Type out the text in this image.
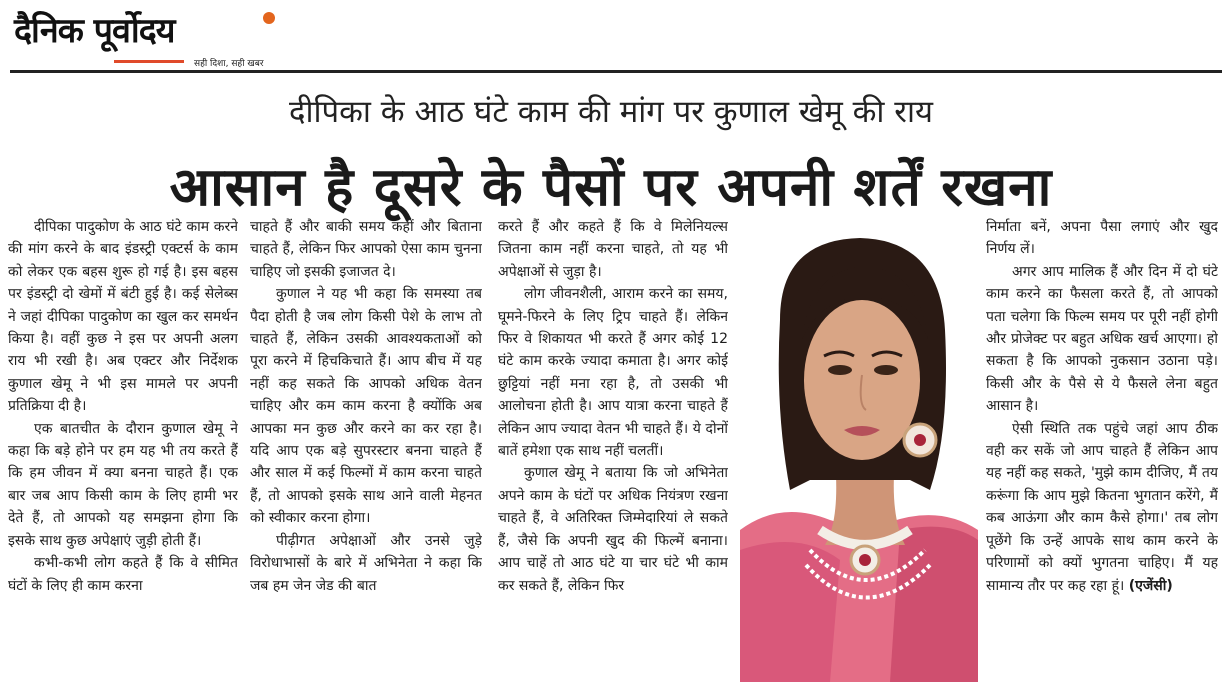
दैनिक पूर्वोदय
सही दिशा, सही खबर
दीपिका के आठ घंटे काम की मांग पर कुणाल खेमू की राय
आसान है दूसरे के पैसों पर अपनी शर्तें रखना

दीपिका पादुकोण के आठ घंटे काम करने की मांग करने के बाद इंडस्ट्री एक्टर्स के काम को लेकर एक बहस शुरू हो गई है। इस बहस पर इंडस्ट्री दो खेमों में बंटी हुई है। कई सेलेब्स ने जहां दीपिका पादुकोण का खुल कर समर्थन किया है। वहीं कुछ ने इस पर अपनी अलग राय भी रखी है। अब एक्टर और निर्देशक कुणाल खेमू ने भी इस मामले पर अपनी प्रतिक्रिया दी है।

एक बातचीत के दौरान कुणाल खेमू ने कहा कि बड़े होने पर हम यह भी तय करते हैं कि हम जीवन में क्या बनना चाहते हैं। एक बार जब आप किसी काम के लिए हामी भर देते हैं, तो आपको यह समझना होगा कि इसके साथ कुछ अपेक्षाएं जुड़ी होती हैं।

कभी-कभी लोग कहते हैं कि वे सीमित घंटों के लिए ही काम करना

चाहते हैं और बाकी समय कहीं और बिताना चाहते हैं, लेकिन फिर आपको ऐसा काम चुनना चाहिए जो इसकी इजाजत दे।

कुणाल ने यह भी कहा कि समस्या तब पैदा होती है जब लोग किसी पेशे के लाभ तो चाहते हैं, लेकिन उसकी आवश्यकताओं को पूरा करने में हिचकिचाते हैं। आप बीच में यह नहीं कह सकते कि आपको अधिक वेतन चाहिए और कम काम करना है क्योंकि अब आपका मन कुछ और करने का कर रहा है। यदि आप एक बड़े सुपरस्टार बनना चाहते हैं और साल में कई फिल्मों में काम करना चाहते हैं, तो आपको इसके साथ आने वाली मेहनत को स्वीकार करना होगा।

पीढ़ीगत अपेक्षाओं और उनसे जुड़े विरोधाभासों के बारे में अभिनेता ने कहा कि जब हम जेन जेड की बात

करते हैं और कहते हैं कि वे मिलेनियल्स जितना काम नहीं करना चाहते, तो यह भी अपेक्षाओं से जुड़ा है।

लोग जीवनशैली, आराम करने का समय, घूमने-फिरने के लिए ट्रिप चाहते हैं। लेकिन फिर वे शिकायत भी करते हैं अगर कोई 12 घंटे काम करके ज्यादा कमाता है। अगर कोई छुट्टियां नहीं मना रहा है, तो उसकी भी आलोचना होती है। आप यात्रा करना चाहते हैं लेकिन आप ज्यादा वेतन भी चाहते हैं। ये दोनों बातें हमेशा एक साथ नहीं चलतीं।

कुणाल खेमू ने बताया कि जो अभिनेता अपने काम के घंटों पर अधिक नियंत्रण रखना चाहते हैं, वे अतिरिक्त जिम्मेदारियां ले सकते हैं, जैसे कि अपनी खुद की फिल्में बनाना। आप चाहें तो आठ घंटे या चार घंटे भी काम कर सकते हैं, लेकिन फिर

निर्माता बनें, अपना पैसा लगाएं और खुद निर्णय लें।

अगर आप मालिक हैं और दिन में दो घंटे काम करने का फैसला करते हैं, तो आपको पता चलेगा कि फिल्म समय पर पूरी नहीं होगी और प्रोजेक्ट पर बहुत अधिक खर्च आएगा। हो सकता है कि आपको नुकसान उठाना पड़े। किसी और के पैसे से ये फैसले लेना बहुत आसान है।

ऐसी स्थिति तक पहुंचे जहां आप ठीक वही कर सकें जो आप चाहते हैं लेकिन आप यह नहीं कह सकते, 'मुझे काम दीजिए, मैं तय करूंगा कि आप मुझे कितना भुगतान करेंगे, मैं कब आऊंगा और काम कैसे होगा।' तब लोग पूछेंगे कि उन्हें आपके साथ काम करने के परिणामों को क्यों भुगतना चाहिए। मैं यह सामान्य तौर पर कह रहा हूं। (एजेंसी)
